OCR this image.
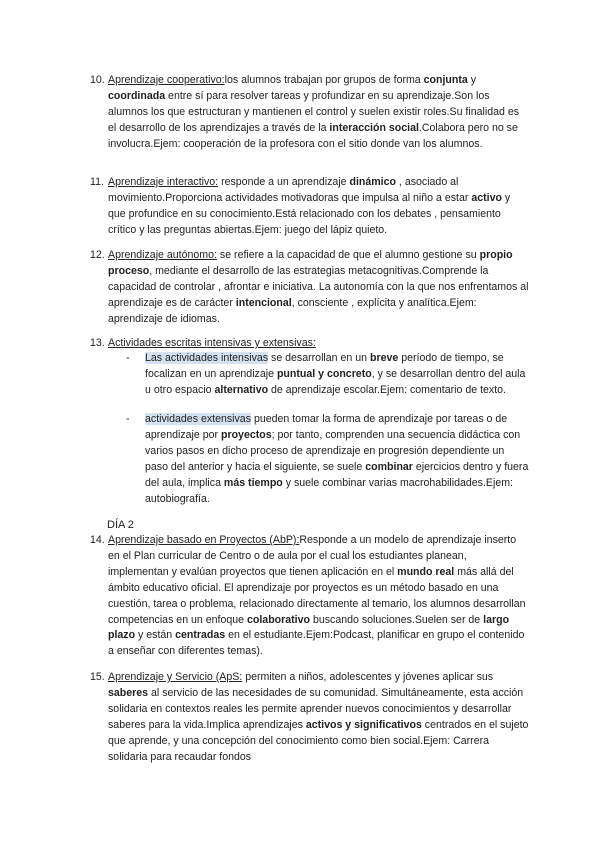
10. Aprendizaje cooperativo:los alumnos trabajan por grupos de forma conjunta y coordinada entre sí para resolver tareas y profundizar en su aprendizaje.Son los alumnos los que estructuran y mantienen el control y suelen existir roles.Su finalidad es el desarrollo de los aprendizajes a través de la interacción social.Colabora pero no se involucra.Ejem: cooperación de la profesora con el sitio donde van los alumnos.
11. Aprendizaje interactivo: responde a un aprendizaje dinámico , asociado al movimiento.Proporciona actividades motivadoras que impulsa al niño a estar activo y que profundice en su conocimiento.Está relacionado con los debates , pensamiento crítico y las preguntas abiertas.Ejem: juego del lápiz quieto.
12. Aprendizaje autónomo: se refiere a la capacidad de que el alumno gestione su propio proceso, mediante el desarrollo de las estrategias metacognitivas.Comprende la capacidad de controlar , afrontar e iniciativa. La autonomía con la que nos enfrentamos al aprendizaje es de carácter intencional, consciente , explícita y analítica.Ejem: aprendizaje de idiomas.
13. Actividades escritas intensivas y extensivas:
- Las actividades intensivas se desarrollan en un breve período de tiempo, se focalizan en un aprendizaje puntual y concreto, y se desarrollan dentro del aula u otro espacio alternativo de aprendizaje escolar.Ejem: comentario de texto.
- actividades extensivas pueden tomar la forma de aprendizaje por tareas o de aprendizaje por proyectos; por tanto, comprenden una secuencia didáctica con varios pasos en dicho proceso de aprendizaje en progresión dependiente un paso del anterior y hacia el siguiente, se suele combinar ejercicios dentro y fuera del aula, implica más tiempo y suele combinar varias macrohabilidades.Ejem: autobiografía.
DÍA 2
14. Aprendizaje basado en Proyectos (AbP):Responde a un modelo de aprendizaje inserto en el Plan curricular de Centro o de aula por el cual los estudiantes planean, implementan y evalúan proyectos que tienen aplicación en el mundo real más allá del ámbito educativo oficial. El aprendizaje por proyectos es un método basado en una cuestión, tarea o problema, relacionado directamente al temario, los alumnos desarrollan competencias en un enfoque colaborativo buscando soluciones.Suelen ser de largo plazo y están centradas en el estudiante.Ejem:Podcast, planificar en grupo el contenido a enseñar con diferentes temas).
15. Aprendizaje y Servicio (ApS: permiten a niños, adolescentes y jóvenes aplicar sus saberes al servicio de las necesidades de su comunidad. Simultáneamente, esta acción solidaria en contextos reales les permite aprender nuevos conocimientos y desarrollar saberes para la vida.Implica aprendizajes activos y significativos centrados en el sujeto que aprende, y una concepción del conocimiento como bien social.Ejem: Carrera solidaria para recaudar fondos
